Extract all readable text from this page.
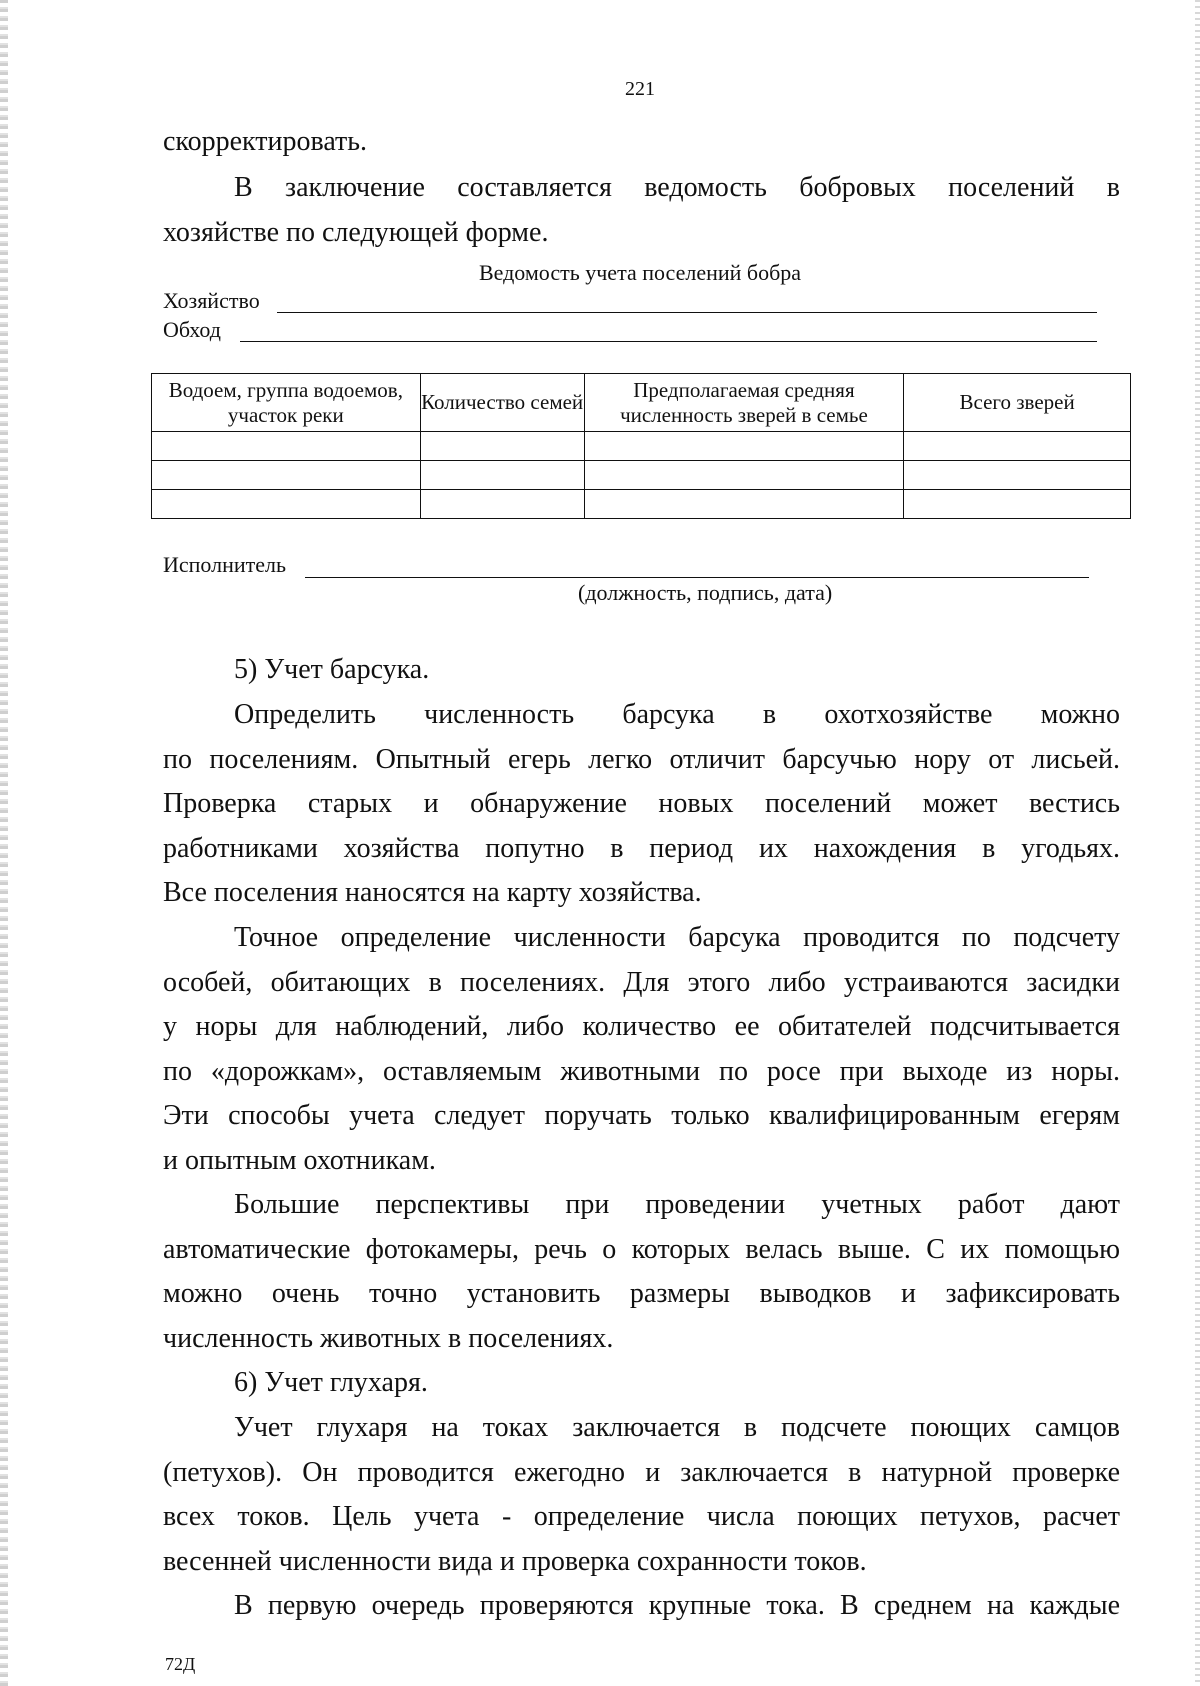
221

скорректировать.

В заключение составляется ведомость бобровых поселений в
хозяйстве по следующей форме.
Ведомость учета поселений бобра
Хозяйство
Обход
Водоем, группа водоемов, участок реки	Количество семей	Предполагаемая средняя численность зверей в семье	Всего зверей

Исполнитель
(должность, подпись, дата)

5) Учет барсука.

Определить численность барсука в охотхозяйстве можно
по поселениям. Опытный егерь легко отличит барсучью нору от лисьей.
Проверка старых и обнаружение новых поселений может вестись
работниками хозяйства попутно в период их нахождения в угодьях.
Все поселения наносятся на карту хозяйства.
Точное определение численности барсука проводится по подсчету
особей, обитающих в поселениях. Для этого либо устраиваются засидки
у норы для наблюдений, либо количество ее обитателей подсчитывается
по «дорожкам», оставляемым животными по росе при выходе из норы.
Эти способы учета следует поручать только квалифицированным егерям
и опытным охотникам.
Большие перспективы при проведении учетных работ дают
автоматические фотокамеры, речь о которых велась выше. С их помощью
можно очень точно установить размеры выводков и зафиксировать
численность животных в поселениях.

6) Учет глухаря.

Учет глухаря на токах заключается в подсчете поющих самцов
(петухов). Он проводится ежегодно и заключается в натурной проверке
всех токов. Цель учета - определение числа поющих петухов, расчет
весенней численности вида и проверка сохранности токов.
В первую очередь проверяются крупные тока. В среднем на каждые
72Д
